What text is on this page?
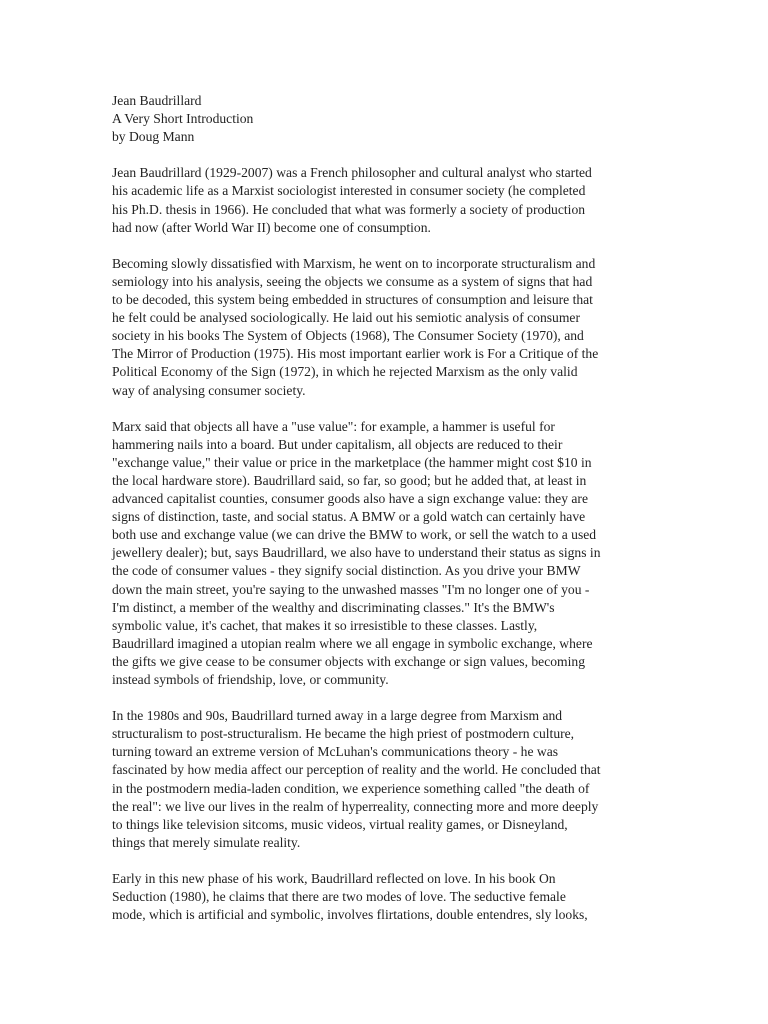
Jean Baudrillard
A Very Short Introduction
by Doug Mann
Jean Baudrillard (1929-2007) was a French philosopher and cultural analyst who started
his academic life as a Marxist sociologist interested in consumer society (he completed
his Ph.D. thesis in 1966). He concluded that what was formerly a society of production
had now (after World War II) become one of consumption.
Becoming slowly dissatisfied with Marxism, he went on to incorporate structuralism and
semiology into his analysis, seeing the objects we consume as a system of signs that had
to be decoded, this system being embedded in structures of consumption and leisure that
he felt could be analysed sociologically. He laid out his semiotic analysis of consumer
society in his books The System of Objects (1968), The Consumer Society (1970), and
The Mirror of Production (1975). His most important earlier work is For a Critique of the
Political Economy of the Sign (1972), in which he rejected Marxism as the only valid
way of analysing consumer society.
Marx said that objects all have a "use value": for example, a hammer is useful for
hammering nails into a board. But under capitalism, all objects are reduced to their
"exchange value," their value or price in the marketplace (the hammer might cost $10 in
the local hardware store). Baudrillard said, so far, so good; but he added that, at least in
advanced capitalist counties, consumer goods also have a sign exchange value: they are
signs of distinction, taste, and social status. A BMW or a gold watch can certainly have
both use and exchange value (we can drive the BMW to work, or sell the watch to a used
jewellery dealer); but, says Baudrillard, we also have to understand their status as signs in
the code of consumer values - they signify social distinction. As you drive your BMW
down the main street, you're saying to the unwashed masses "I'm no longer one of you -
I'm distinct, a member of the wealthy and discriminating classes." It's the BMW's
symbolic value, it's cachet, that makes it so irresistible to these classes. Lastly,
Baudrillard imagined a utopian realm where we all engage in symbolic exchange, where
the gifts we give cease to be consumer objects with exchange or sign values, becoming
instead symbols of friendship, love, or community.
In the 1980s and 90s, Baudrillard turned away in a large degree from Marxism and
structuralism to post-structuralism. He became the high priest of postmodern culture,
turning toward an extreme version of McLuhan's communications theory - he was
fascinated by how media affect our perception of reality and the world. He concluded that
in the postmodern media-laden condition, we experience something called "the death of
the real": we live our lives in the realm of hyperreality, connecting more and more deeply
to things like television sitcoms, music videos, virtual reality games, or Disneyland,
things that merely simulate reality.
Early in this new phase of his work, Baudrillard reflected on love. In his book On
Seduction (1980), he claims that there are two modes of love. The seductive female
mode, which is artificial and symbolic, involves flirtations, double entendres, sly looks,
